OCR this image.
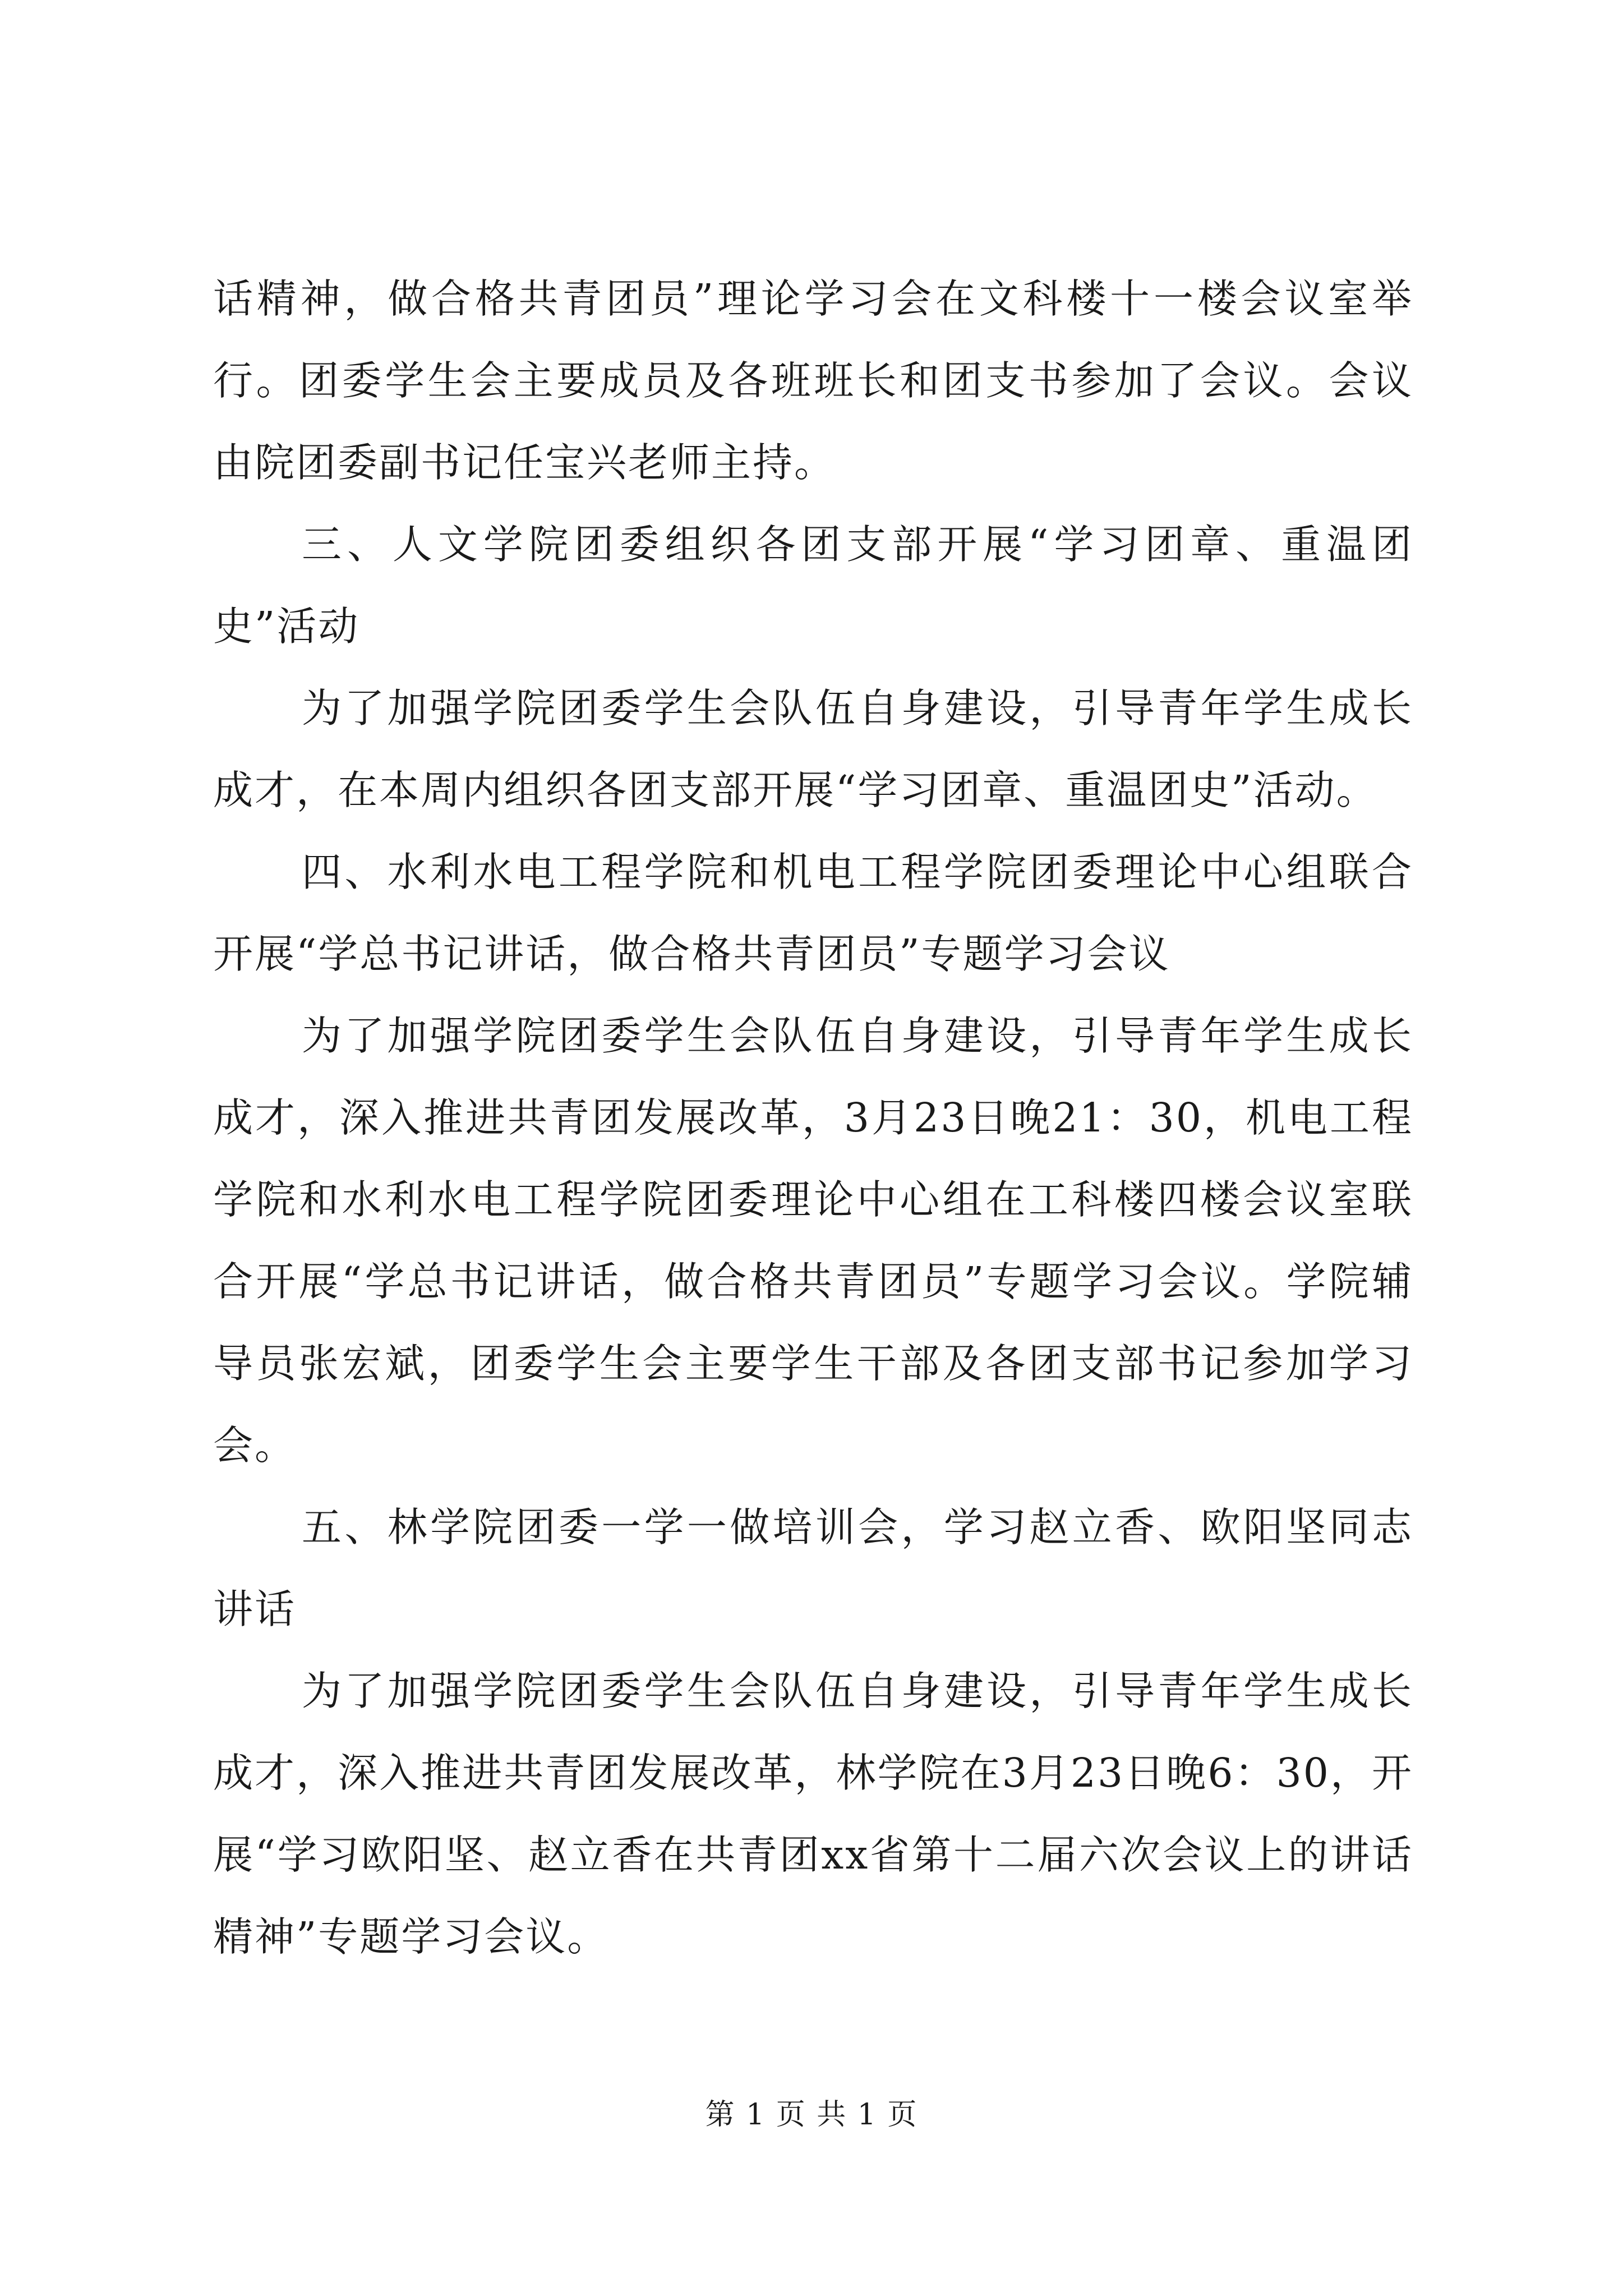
话精神，做合格共青团员”理论学习会在文科楼十一楼会议室举行。团委学生会主要成员及各班班长和团支书参加了会议。会议由院团委副书记任宝兴老师主持。

三、人文学院团委组织各团支部开展“学习团章、重温团史”活动

为了加强学院团委学生会队伍自身建设，引导青年学生成长成才，在本周内组织各团支部开展“学习团章、重温团史”活动。

四、水利水电工程学院和机电工程学院团委理论中心组联合开展“学总书记讲话，做合格共青团员”专题学习会议

为了加强学院团委学生会队伍自身建设，引导青年学生成长成才，深入推进共青团发展改革，3月23日晚21：30，机电工程学院和水利水电工程学院团委理论中心组在工科楼四楼会议室联合开展“学总书记讲话，做合格共青团员”专题学习会议。学院辅导员张宏斌，团委学生会主要学生干部及各团支部书记参加学习会。

五、林学院团委一学一做培训会，学习赵立香、欧阳坚同志讲话

为了加强学院团委学生会队伍自身建设，引导青年学生成长成才，深入推进共青团发展改革，林学院在3月23日晚6：30，开展“学习欧阳坚、赵立香在共青团xx省第十二届六次会议上的讲话精神”专题学习会议。

第 1 页 共 1 页
